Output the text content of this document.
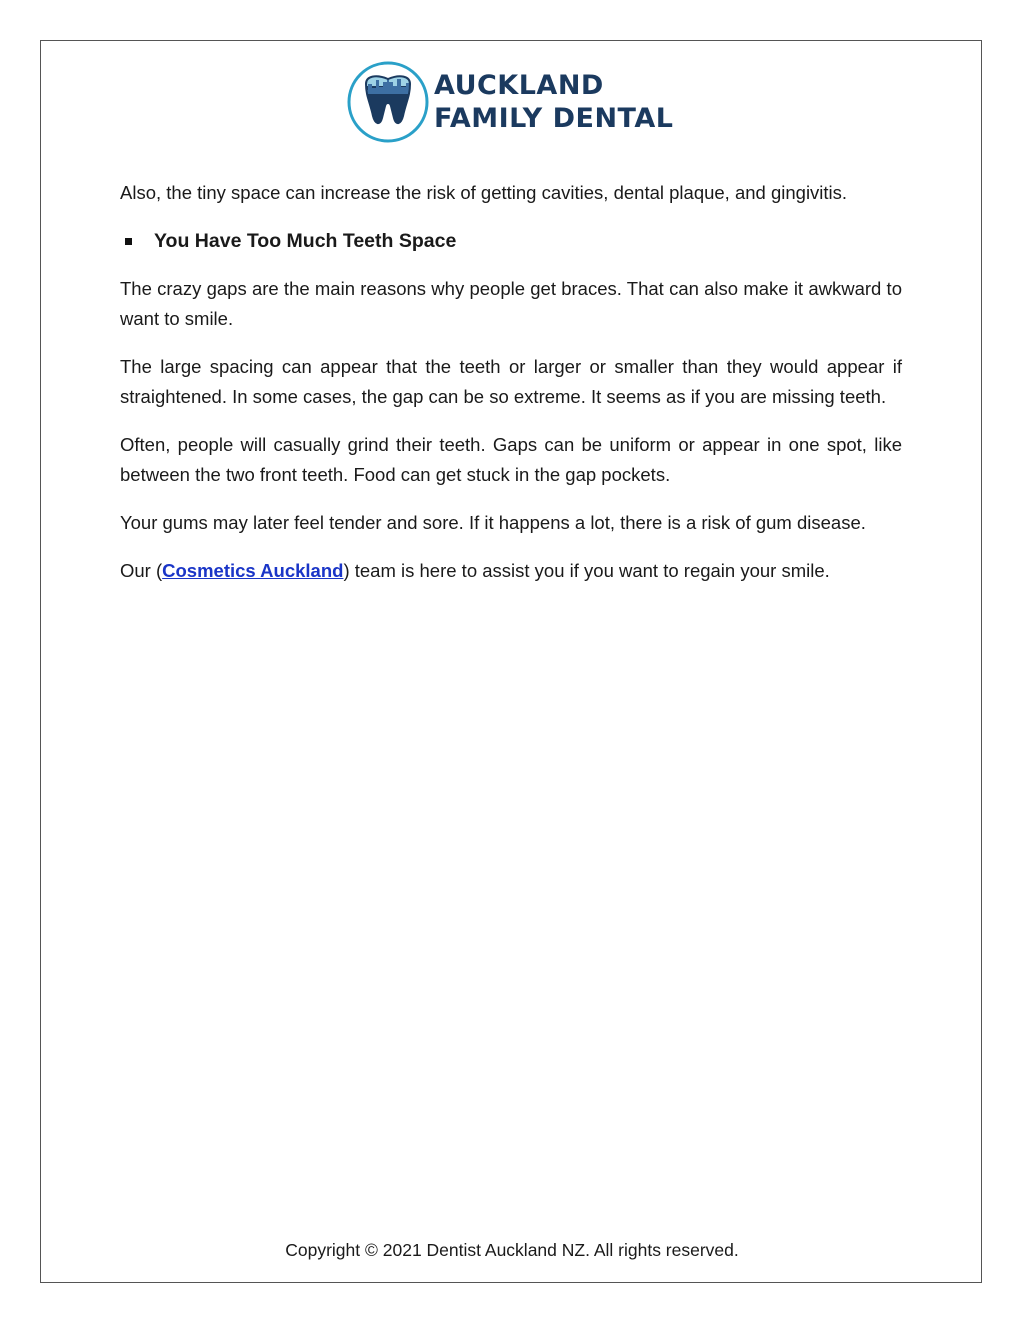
AUCKLAND
FAMILY DENTAL

Also, the tiny space can increase the risk of getting cavities, dental plaque, and gingivitis.

You Have Too Much Teeth Space

The crazy gaps are the main reasons why people get braces. That can also make it awkward to want to smile.

The large spacing can appear that the teeth or larger or smaller than they would appear if straightened. In some cases, the gap can be so extreme. It seems as if you are missing teeth.

Often, people will casually grind their teeth. Gaps can be uniform or appear in one spot, like between the two front teeth. Food can get stuck in the gap pockets.

Your gums may later feel tender and sore. If it happens a lot, there is a risk of gum disease.

Our (Cosmetics Auckland) team is here to assist you if you want to regain your smile.

Copyright © 2021 Dentist Auckland NZ. All rights reserved.
